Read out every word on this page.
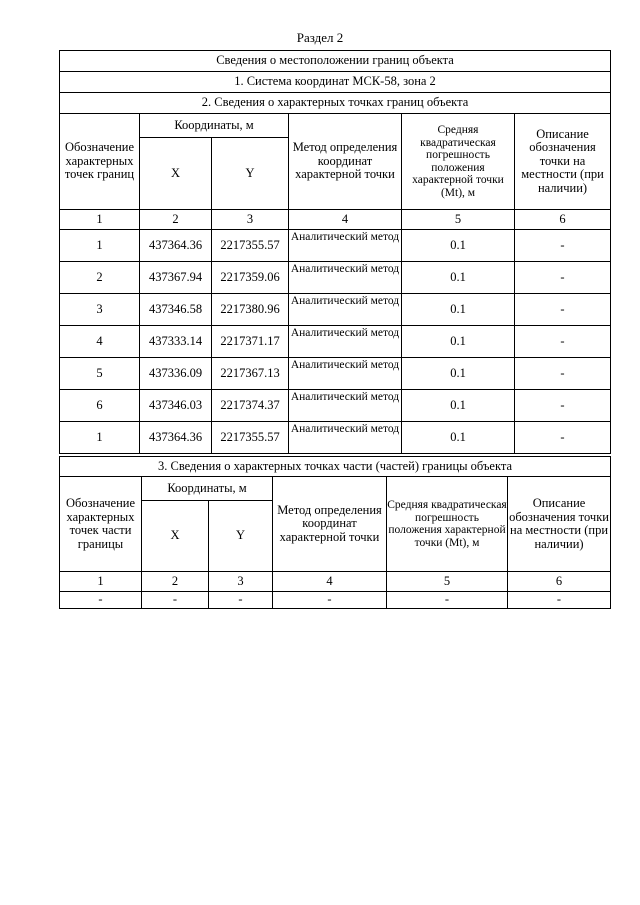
Раздел 2
Сведения о местоположении границ объекта					
1. Система координат МСК-58, зона 2					
2. Сведения о характерных точках границ объекта					
Обозначение характерных точек границ	Координаты, м		Метод определения координат характерной точки	Средняя квадратическая погрешность положения характерной точки (Mt), м	Описание обозначения точки на местности (при наличии)
	X	Y			
1	2	3	4	5	6
1	437364.36	2217355.57	Аналитический метод	0.1	-
2	437367.94	2217359.06	Аналитический метод	0.1	-
3	437346.58	2217380.96	Аналитический метод	0.1	-
4	437333.14	2217371.17	Аналитический метод	0.1	-
5	437336.09	2217367.13	Аналитический метод	0.1	-
6	437346.03	2217374.37	Аналитический метод	0.1	-
1	437364.36	2217355.57	Аналитический метод	0.1	-
3. Сведения о характерных точках части (частей) границы объекта					
Обозначение характерных точек части границы	Координаты, м		Метод определения координат характерной точки	Средняя квадратическая погрешность положения характерной точки (Mt), м	Описание обозначения точки на местности (при наличии)
	X	Y			
1	2	3	4	5	6
-	-	-	-	-	-
